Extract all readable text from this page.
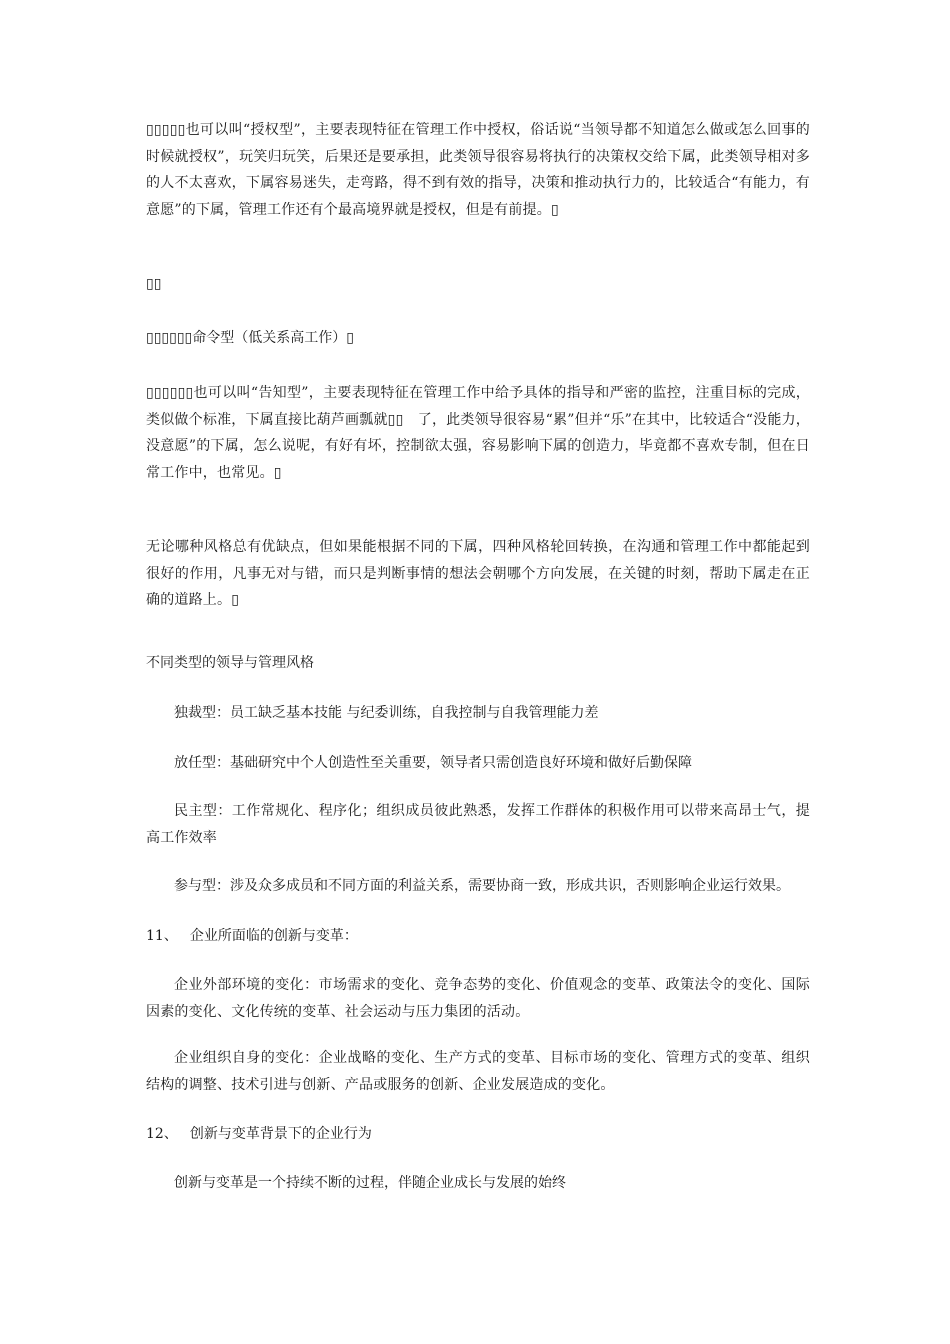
▯▯▯▯▯也可以叫“授权型”，主要表现特征在管理工作中授权，俗话说“当领导都不知道怎么做或怎么回事的时候就授权”，玩笑归玩笑，后果还是要承担，此类领导很容易将执行的决策权交给下属，此类领导相对多的人不太喜欢，下属容易迷失，走弯路，得不到有效的指导，决策和推动执行力的，比较适合“有能力，有意愿”的下属，管理工作还有个最高境界就是授权，但是有前提。▯

▯▯

▯▯▯▯▯▯命令型（低关系高工作）▯

▯▯▯▯▯▯也可以叫“告知型”，主要表现特征在管理工作中给予具体的指导和严密的监控，注重目标的完成，类似做个标准，下属直接比葫芦画瓢就▯▯　了，此类领导很容易“累”但并“乐”在其中，比较适合“没能力，没意愿”的下属，怎么说呢，有好有坏，控制欲太强，容易影响下属的创造力，毕竟都不喜欢专制，但在日常工作中，也常见。▯

无论哪种风格总有优缺点，但如果能根据不同的下属，四种风格轮回转换，在沟通和管理工作中都能起到很好的作用，凡事无对与错，而只是判断事情的想法会朝哪个方向发展，在关键的时刻，帮助下属走在正确的道路上。▯

不同类型的领导与管理风格

独裁型：员工缺乏基本技能 与纪委训练，自我控制与自我管理能力差

放任型：基础研究中个人创造性至关重要，领导者只需创造良好环境和做好后勤保障

民主型：工作常规化、程序化；组织成员彼此熟悉，发挥工作群体的积极作用可以带来高昂士气，提高工作效率

参与型：涉及众多成员和不同方面的利益关系，需要协商一致，形成共识，否则影响企业运行效果。

11、 企业所面临的创新与变革：

企业外部环境的变化：市场需求的变化、竞争态势的变化、价值观念的变革、政策法令的变化、国际因素的变化、文化传统的变革、社会运动与压力集团的活动。

企业组织自身的变化：企业战略的变化、生产方式的变革、目标市场的变化、管理方式的变革、组织结构的调整、技术引进与创新、产品或服务的创新、企业发展造成的变化。

12、 创新与变革背景下的企业行为

创新与变革是一个持续不断的过程，伴随企业成长与发展的始终
